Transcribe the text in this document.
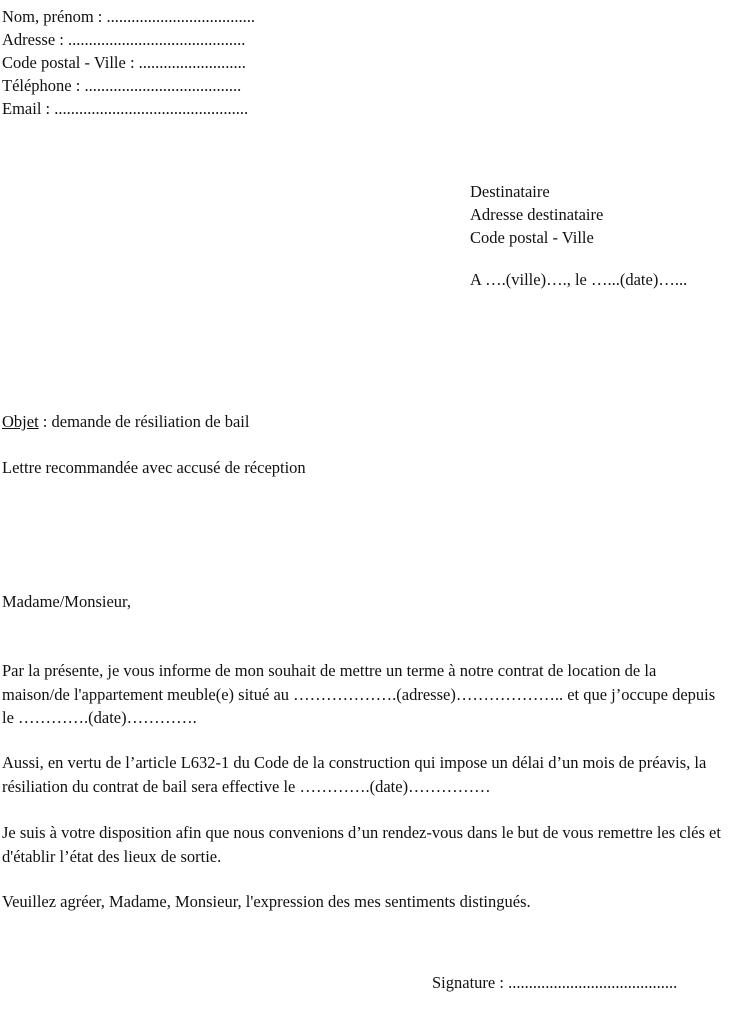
Nom, prénom : ....................................
Adresse : ...........................................
Code postal - Ville : ..........................
Téléphone : ......................................
Email : ...............................................
Destinataire
Adresse destinataire
Code postal - Ville
A ….(ville)…., le …...(date)…...
Objet : demande de résiliation de bail
Lettre recommandée avec accusé de réception
Madame/Monsieur,
Par la présente, je vous informe de mon souhait de mettre un terme à notre contrat de location de la maison/de l'appartement meuble(e) situé au ……………….(adresse)……………….. et que j’occupe depuis le ………….(date)………….
Aussi, en vertu de l’article L632-1 du Code de la construction qui impose un délai d’un mois de préavis, la résiliation du contrat de bail sera effective le ………….(date)……………
Je suis à votre disposition afin que nous convenions d’un rendez-vous dans le but de vous remettre les clés et d'établir l’état des lieux de sortie.
Veuillez agréer, Madame, Monsieur, l'expression des mes sentiments distingués.
Signature : .........................................
